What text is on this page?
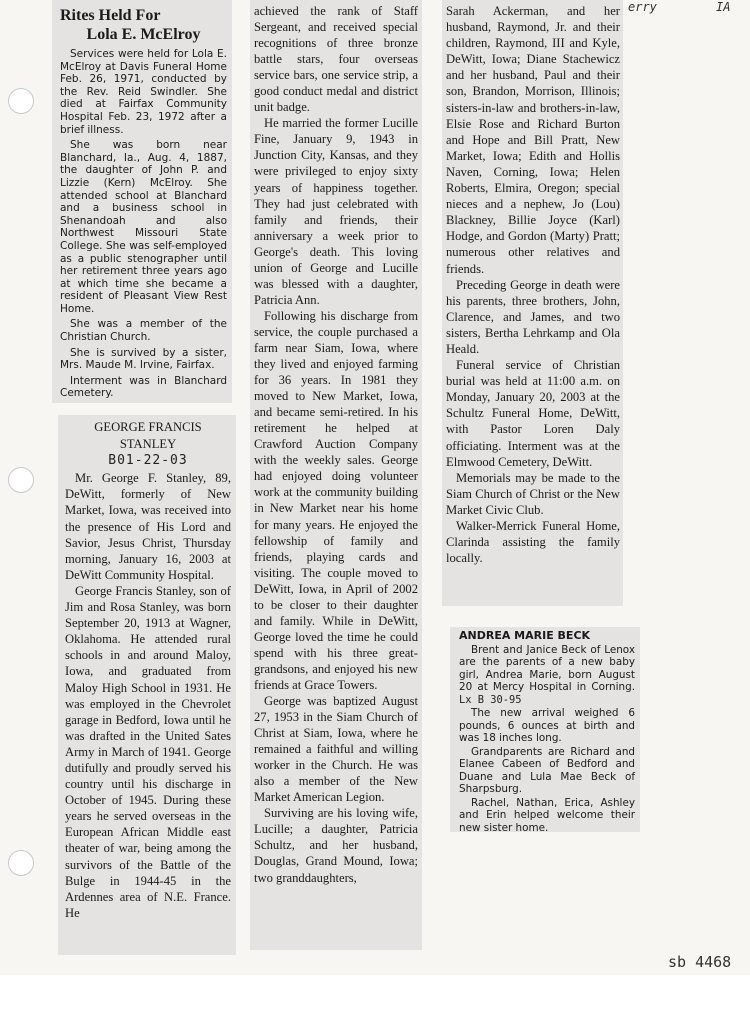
erry	IA

Rites Held For

Lola E. McElroy

Services were held for Lola E. McElroy at Davis Funeral Home Feb. 26, 1971, conducted by the Rev. Reid Swindler. She died at Fairfax Community Hospital Feb. 23, 1972 after a brief illness.

She was born near Blanchard, Ia., Aug. 4, 1887, the daughter of John P. and Lizzie (Kern) McElroy. She attended school at Blanchard and a business school in Shenandoah and also Northwest Missouri State College. She was self-employed as a public stenographer until her retirement three years ago at which time she became a resident of Pleasant View Rest Home.

She was a member of the Christian Church.

She is survived by a sister, Mrs. Maude M. Irvine, Fairfax.

Interment was in Blanchard Cemetery.

GEORGE FRANCIS

STANLEY

B01-22-03

Mr. George F. Stanley, 89, DeWitt, formerly of New Market, Iowa, was received into the presence of His Lord and Savior, Jesus Christ, Thursday morning, January 16, 2003 at DeWitt Community Hospital.

George Francis Stanley, son of Jim and Rosa Stanley, was born September 20, 1913 at Wagner, Oklahoma. He attended rural schools in and around Maloy, Iowa, and graduated from Maloy High School in 1931. He was employed in the Chevrolet garage in Bedford, Iowa until he was drafted in the United Sates Army in March of 1941. George dutifully and proudly served his country until his discharge in October of 1945. During these years he served overseas in the European African Middle east theater of war, being among the survivors of the Battle of the Bulge in 1944-45 in the Ardennes area of N.E. France. He

achieved the rank of Staff Sergeant, and received special recognitions of three bronze battle stars, four overseas service bars, one service strip, a good conduct medal and district unit badge.

He married the former Lucille Fine, January 9, 1943 in Junction City, Kansas, and they were privileged to enjoy sixty years of happiness together. They had just celebrated with family and friends, their anniversary a week prior to George's death. This loving union of George and Lucille was blessed with a daughter, Patricia Ann.

Following his discharge from service, the couple purchased a farm near Siam, Iowa, where they lived and enjoyed farming for 36 years. In 1981 they moved to New Market, Iowa, and became semi-retired. In his retirement he helped at Crawford Auction Company with the weekly sales. George had enjoyed doing volunteer work at the community building in New Market near his home for many years. He enjoyed the fellowship of family and friends, playing cards and visiting. The couple moved to DeWitt, Iowa, in April of 2002 to be closer to their daughter and family. While in DeWitt, George loved the time he could spend with his three great-grandsons, and enjoyed his new friends at Grace Towers.

George was baptized August 27, 1953 in the Siam Church of Christ at Siam, Iowa, where he remained a faithful and willing worker in the Church. He was also a member of the New Market American Legion.

Surviving are his loving wife, Lucille; a daughter, Patricia Schultz, and her husband, Douglas, Grand Mound, Iowa; two granddaughters,

Sarah Ackerman, and her husband, Raymond, Jr. and their children, Raymond, III and Kyle, DeWitt, Iowa; Diane Stachewicz and her husband, Paul and their son, Brandon, Morrison, Illinois; sisters-in-law and brothers-in-law, Elsie Rose and Richard Burton and Hope and Bill Pratt, New Market, Iowa; Edith and Hollis Naven, Corning, Iowa; Helen Roberts, Elmira, Oregon; special nieces and a nephew, Jo (Lou) Blackney, Billie Joyce (Karl) Hodge, and Gordon (Marty) Pratt; numerous other relatives and friends.

Preceding George in death were his parents, three brothers, John, Clarence, and James, and two sisters, Bertha Lehrkamp and Ola Heald.

Funeral service of Christian burial was held at 11:00 a.m. on Monday, January 20, 2003 at the Schultz Funeral Home, DeWitt, with Pastor Loren Daly officiating. Interment was at the Elmwood Cemetery, DeWitt.

Memorials may be made to the Siam Church of Christ or the New Market Civic Club.

Walker-Merrick Funeral Home, Clarinda assisting the family locally.

ANDREA MARIE BECK

Brent and Janice Beck of Lenox are the parents of a new baby girl, Andrea Marie, born August 20 at Mercy Hospital in Corning. Lx B 30-95

The new arrival weighed 6 pounds, 6 ounces at birth and was 18 inches long.

Grandparents are Richard and Elanee Cabeen of Bedford and Duane and Lula Mae Beck of Sharpsburg.

Rachel, Nathan, Erica, Ashley and Erin helped welcome their new sister home.

sb 4468
